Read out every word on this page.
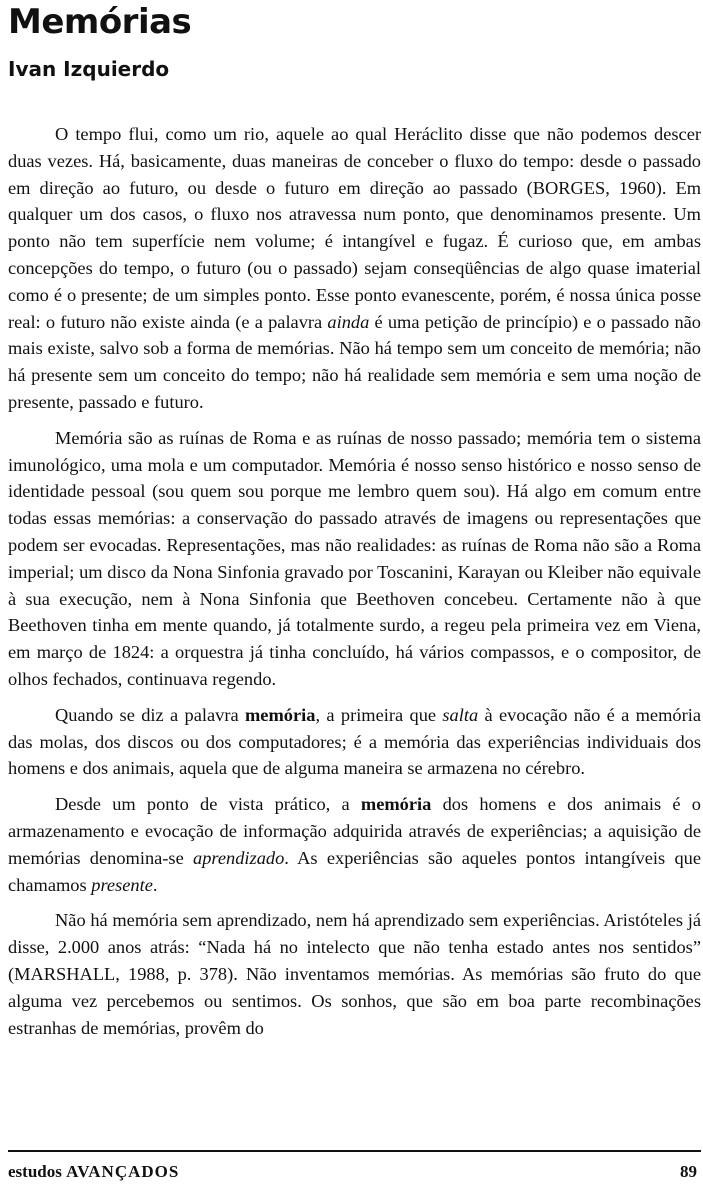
Memórias
Ivan Izquierdo

O tempo flui, como um rio, aquele ao qual Heráclito disse que não podemos descer duas vezes. Há, basicamente, duas maneiras de conceber o fluxo do tempo: desde o passado em direção ao futuro, ou desde o futuro em direção ao passado (BORGES, 1960). Em qualquer um dos casos, o fluxo nos atravessa num ponto, que denominamos presente. Um ponto não tem superfície nem volume; é intangível e fugaz. É curioso que, em ambas concepções do tempo, o futuro (ou o passado) sejam conseqüências de algo quase imaterial como é o presente; de um simples ponto. Esse ponto evanescente, porém, é nossa única posse real: o futuro não existe ainda (e a palavra ainda é uma petição de princípio) e o passado não mais existe, salvo sob a forma de memórias. Não há tempo sem um conceito de memória; não há presente sem um conceito do tempo; não há realidade sem memória e sem uma noção de presente, passado e futuro.

Memória são as ruínas de Roma e as ruínas de nosso passado; memória tem o sistema imunológico, uma mola e um computador. Memória é nosso senso histórico e nosso senso de identidade pessoal (sou quem sou porque me lembro quem sou). Há algo em comum entre todas essas memórias: a conservação do passado através de imagens ou representações que podem ser evocadas. Representações, mas não realidades: as ruínas de Roma não são a Roma imperial; um disco da Nona Sinfonia gravado por Toscanini, Karayan ou Kleiber não equivale à sua execução, nem à Nona Sinfonia que Beethoven concebeu. Certamente não à que Beethoven tinha em mente quando, já totalmente surdo, a regeu pela primeira vez em Viena, em março de 1824: a orquestra já tinha concluído, há vários compassos, e o compositor, de olhos fechados, continuava regendo.

Quando se diz a palavra memória, a primeira que salta à evocação não é a memória das molas, dos discos ou dos computadores; é a memória das experiências individuais dos homens e dos animais, aquela que de alguma maneira se armazena no cérebro.

Desde um ponto de vista prático, a memória dos homens e dos animais é o armazenamento e evocação de informação adquirida através de experiências; a aquisição de memórias denomina-se aprendizado. As experiências são aqueles pontos intangíveis que chamamos presente.

Não há memória sem aprendizado, nem há aprendizado sem experiências. Aristóteles já disse, 2.000 anos atrás: “Nada há no intelecto que não tenha estado antes nos sentidos” (MARSHALL, 1988, p. 378). Não inventamos memórias. As memórias são fruto do que alguma vez percebemos ou sentimos. Os sonhos, que são em boa parte recombinações estranhas de memórias, provêm do

estudos AVANÇADOS	89
